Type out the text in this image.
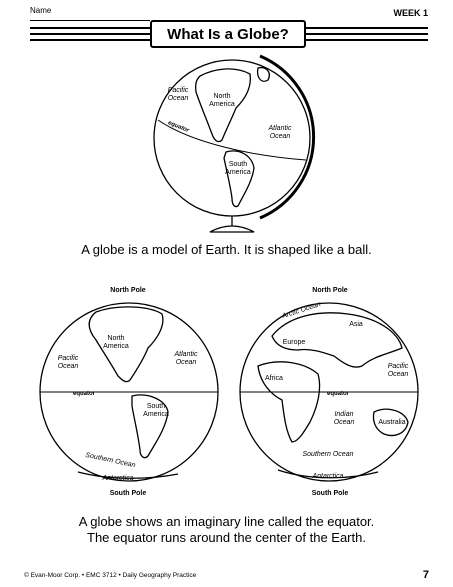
Name	WEEK 1
What Is a Globe?
Pacific
Ocean	North
America
Atlantic
Ocean
South
America
equator
A globe is a model of Earth. It is shaped like a ball.
North Pole
North
America
Pacific
Ocean
Atlantic
Ocean
equator
South
America
Southern Ocean
Antarctica
South Pole
North Pole
Arctic Ocean
Asia
Europe
Africa
Pacific
Ocean
equator
Indian
Ocean	Australia
Southern Ocean
Antarctica
South Pole
A globe shows an imaginary line called the equator.
The equator runs around the center of the Earth.
© Evan-Moor Corp. • EMC 3712 • Daily Geography Practice	7
